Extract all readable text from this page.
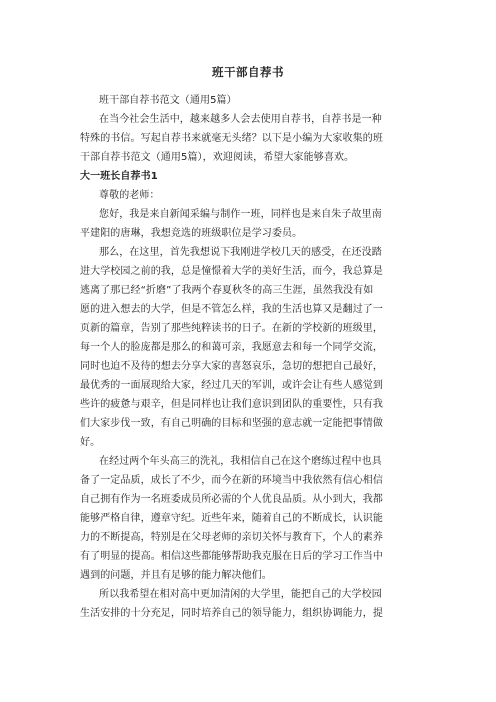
班干部自荐书
班干部自荐书范文（通用5篇）
在当今社会生活中，越来越多人会去使用自荐书，自荐书是一种
特殊的书信。写起自荐书来就毫无头绪？以下是小编为大家收集的班
干部自荐书范文（通用5篇），欢迎阅读，希望大家能够喜欢。
大一班长自荐书1
尊敬的老师：
您好，我是来自新闻采编与制作一班，同样也是来自朱子故里南
平建阳的唐琳，我想竞选的班级职位是学习委员。
那么，在这里，首先我想说下我刚进学校几天的感受，在还没踏
进大学校园之前的我，总是憧憬着大学的美好生活，而今，我总算是
逃离了那已经“折磨”了我两个春夏秋冬的高三生涯，虽然我没有如
愿的进入想去的大学，但是不管怎么样，我的生活也算又是翻过了一
页新的篇章，告别了那些纯粹读书的日子。在新的学校新的班级里，
每一个人的脸庞都是那么的和蔼可亲，我愿意去和每一个同学交流，
同时也迫不及待的想去分享大家的喜怒哀乐，急切的想把自己最好，
最优秀的一面展现给大家，经过几天的军训，或许会让有些人感觉到
些许的疲惫与艰辛，但是同样也让我们意识到团队的重要性，只有我
们大家步伐一致，有自己明确的目标和坚强的意志就一定能把事情做
好。
在经过两个年头高三的洗礼，我相信自己在这个磨练过程中也具
备了一定品质，成长了不少，而今在新的环境当中我依然有信心相信
自己拥有作为一名班委成员所必需的个人优良品质。从小到大，我都
能够严格自律，遵章守纪。近些年来，随着自己的不断成长，认识能
力的不断提高，特别是在父母老师的亲切关怀与教育下，个人的素养
有了明显的提高。相信这些都能够帮助我克服在日后的学习工作当中
遇到的问题，并且有足够的能力解决他们。
所以我希望在相对高中更加清闲的大学里，能把自己的大学校园
生活安排的十分充足，同时培养自己的领导能力，组织协调能力，提
